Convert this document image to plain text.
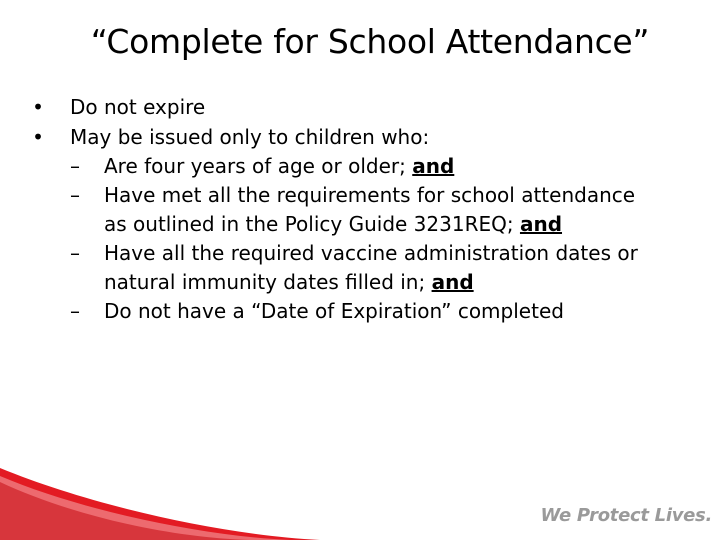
“Complete for School Attendance”
• Do not expire
• May be issued only to children who:
– Are four years of age or older; and
– Have met all the requirements for school attendance
as outlined in the Policy Guide 3231REQ; and
– Have all the required vaccine administration dates or
natural immunity dates filled in; and
– Do not have a “Date of Expiration” completed
We Protect Lives.
